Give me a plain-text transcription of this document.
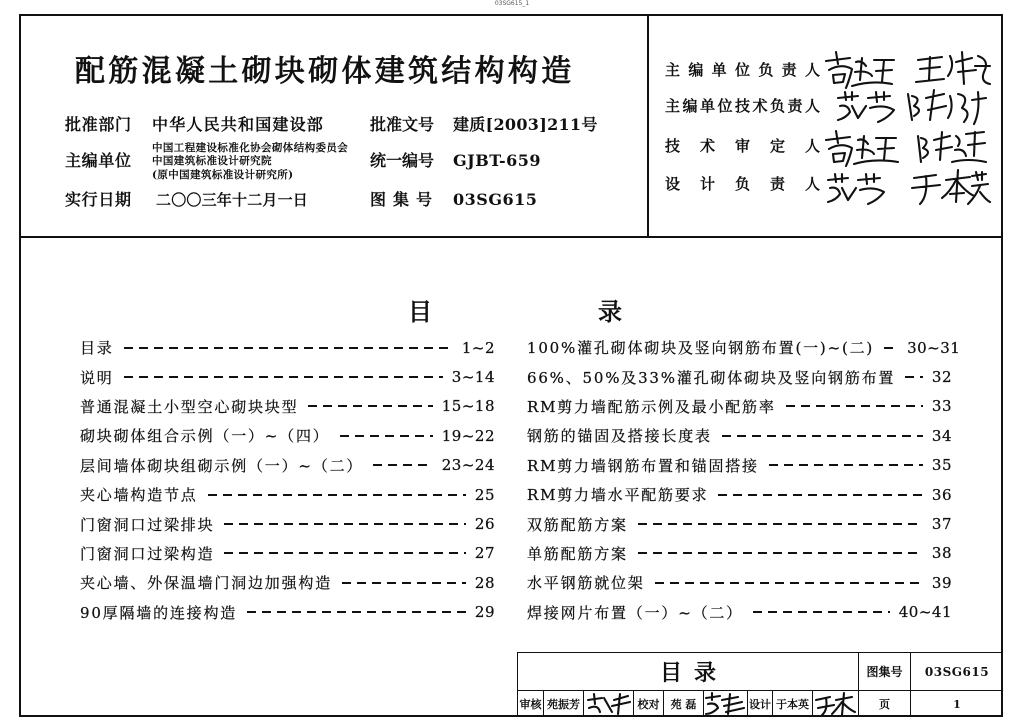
03SG615_1
配筋混凝土砌块砌体建筑结构构造
批准部门 中华人民共和国建设部	批准文号 建质[2003]211号
主编单位
中国工程建设标准化协会砌体结构委员会
中国建筑标准设计研究院
(原中国建筑标准设计研究所)
统一编号 GJBT-659
实行日期 二〇〇三年十二月一日	图集号 03SG615
主编单位负责人
主编单位技术负责人
技术审定人
设计负责人
目	录
目录	1~2
说明	3~14
普通混凝土小型空心砌块块型	15~18
砌块砌体组合示例（一）~（四）	19~22
层间墙体砌块组砌示例（一）~（二）	23~24
夹心墙构造节点	25
门窗洞口过梁排块	26
门窗洞口过梁构造	27
夹心墙、外保温墙门洞边加强构造	28
90厚隔墙的连接构造	29
100%灌孔砌体砌块及竖向钢筋布置(一)~(二) 30~31
66%、50%及33%灌孔砌体砌块及竖向钢筋布置 32
RM剪力墙配筋示例及最小配筋率	33
钢筋的锚固及搭接长度表	34
RM剪力墙钢筋布置和锚固搭接	35
RM剪力墙水平配筋要求	36
双筋配筋方案	37
单筋配筋方案	38
水平钢筋就位架	39
焊接网片布置（一）~（二）	40~41
目录	图集号	03SG615
审核 苑振芳	校对	苑 磊	设计 于本英	页	1
